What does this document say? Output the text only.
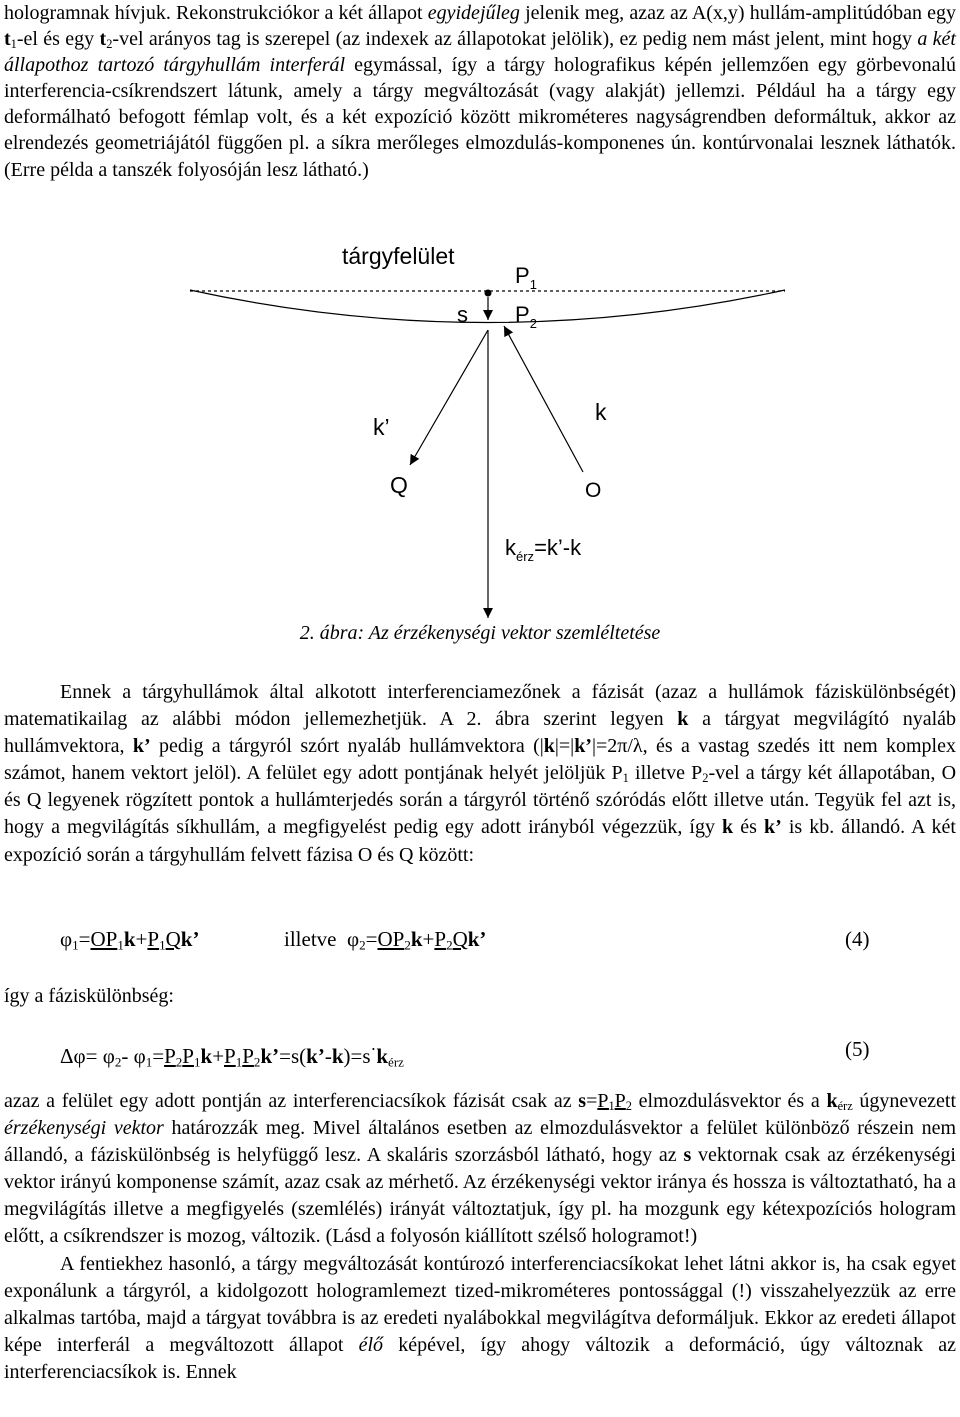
hologramnak hívjuk. Rekonstrukciókor a két állapot egyidejűleg jelenik meg, azaz az A(x,y) hullám-amplitúdóban egy $t_1-el$ és egy $t_2$-vel arányos tag is szerepel (az indexek az állapotokat jelölik), ez pedig nem mást jelent, mint hogy a két állapothoz tartozó tárgyhullám interferál egymással, így a tárgy holografikus képén jellemzően egy görbevonalú interferencia-csíkrendszert látunk, amely a tárgy megváltozását (vagy alakját) jellemzi. Például ha a tárgy egy deformálható befogott fémlap volt, és a két expozíció között mikrométeres nagyságrendben deformáltuk, akkor az elrendezés geometriájától függően pl. a síkra merőleges elmozdulás-komponenes ún. kontúrvonalai lesznek láthatók. (Erre példa a tanszék folyosóján lesz látható.)

tárgyfelület
s
$P_1$
$P_2$
k’
k
Q	O
$k_{érz}=k’-k$
2. ábra: Az érzékenységi vektor szemléltetése

Ennek a tárgyhullámok által alkotott interferenciamezőnek a fázisát (azaz a hullámok fáziskülönbségét) matematikailag az alábbi módon jellemezhetjük. A 2. ábra szerint legyen k a tárgyat megvilágító nyaláb hullámvektora, k’ pedig a tárgyról szórt nyaláb hullámvektora (|k|=|k’|=2π/λ, és a vastag szedés itt nem komplex számot, hanem vektort jelöl). A felület egy adott pontjának helyét jelöljük $P_1$ illetve $P_2$-vel a tárgy két állapotában, O és Q legyenek rögzített pontok a hullámterjedés során a tárgyról történő szóródás előtt illetve után. Tegyük fel azt is, hogy a megvilágítás síkhullám, a megfigyelést pedig egy adott irányból végezzük, így k és k’ is kb. állandó. A két expozíció során a tárgyhullám felvett fázisa O és Q között:

$\varphi_1=OP_1k+P_1Qk$’	illetve $\varphi_2=OP_2k+P_2Qk$’	(4)
így a fáziskülönbség:
$\Delta\varphi= \varphi_2-$ $\varphi_1=P_2P_1k+P_1P_2k’=s(k’-k)=s^\cdot k_{érz}$
(5)

azaz a felület egy adott pontján az interferenciacsíkok fázisát csak az $s=P_1P_2$ elmozdulásvektor és a $k_{érz}$ úgynevezett érzékenységi vektor határozzák meg. Mivel általános esetben az elmozdulásvektor a felület különböző részein nem állandó, a fáziskülönbség is helyfüggő lesz. A skaláris szorzásból látható, hogy az s vektornak csak az érzékenységi vektor irányú komponense számít, azaz csak az mérhető. Az érzékenységi vektor iránya és hossza is változtatható, ha a megvilágítás illetve a megfigyelés (szemlélés) irányát változtatjuk, így pl. ha mozgunk egy kétexpozíciós hologram előtt, a csíkrendszer is mozog, változik. (Lásd a folyosón kiállított szélső hologramot!)
A fentiekhez hasonló, a tárgy megváltozását kontúrozó interferenciacsíkokat lehet látni akkor is, ha csak egyet exponálunk a tárgyról, a kidolgozott hologramlemezt tized-mikrométeres pontossággal (!) visszahelyezzük az erre alkalmas tartóba, majd a tárgyat továbbra is az eredeti nyalábokkal megvilágítva deformáljuk. Ekkor az eredeti állapot képe interferál a megváltozott állapot élő képével, így ahogy változik a deformáció, úgy változnak az interferenciacsíkok is. Ennek
